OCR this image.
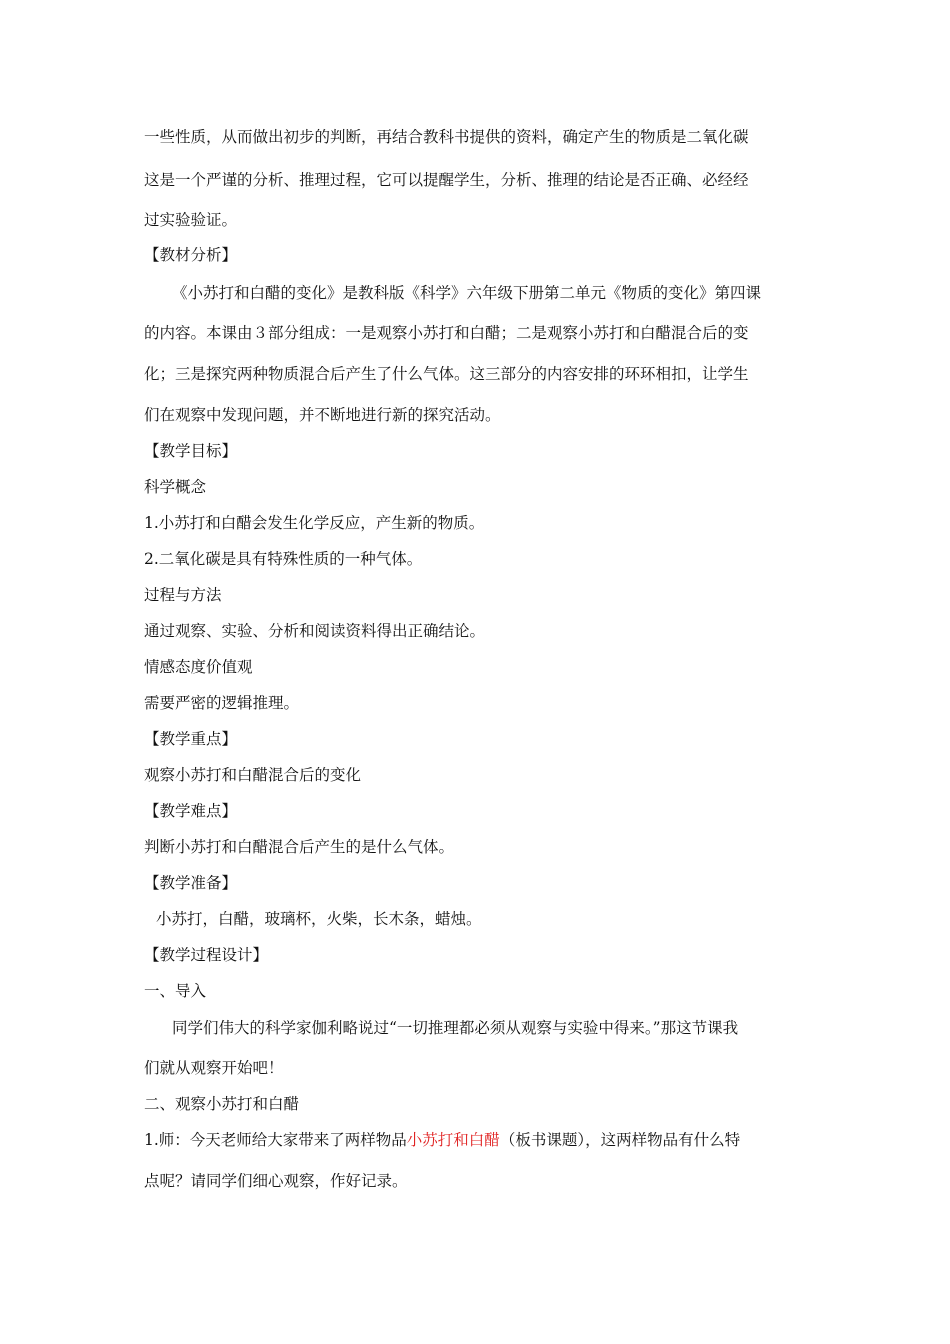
一些性质，从而做出初步的判断，再结合教科书提供的资料，确定产生的物质是二氧化碳
这是一个严谨的分析、推理过程，它可以提醒学生，分析、推理的结论是否正确、必经经
过实验验证。
【教材分析】
《小苏打和白醋的变化》是教科版《科学》六年级下册第二单元《物质的变化》第四课
的内容。本课由３部分组成：一是观察小苏打和白醋；二是观察小苏打和白醋混合后的变
化；三是探究两种物质混合后产生了什么气体。这三部分的内容安排的环环相扣，让学生
们在观察中发现问题，并不断地进行新的探究活动。
【教学目标】
科学概念
1.小苏打和白醋会发生化学反应，产生新的物质。
2.二氧化碳是具有特殊性质的一种气体。
过程与方法
通过观察、实验、分析和阅读资料得出正确结论。
情感态度价值观
需要严密的逻辑推理。
【教学重点】
观察小苏打和白醋混合后的变化
【教学难点】
判断小苏打和白醋混合后产生的是什么气体。
【教学准备】
小苏打，白醋，玻璃杯，火柴，长木条，蜡烛。
【教学过程设计】
一、导入
同学们伟大的科学家伽利略说过“一切推理都必须从观察与实验中得来。”那这节课我
们就从观察开始吧！
二、观察小苏打和白醋
1.师：今天老师给大家带来了两样物品小苏打和白醋（板书课题），这两样物品有什么特
点呢？请同学们细心观察，作好记录。
